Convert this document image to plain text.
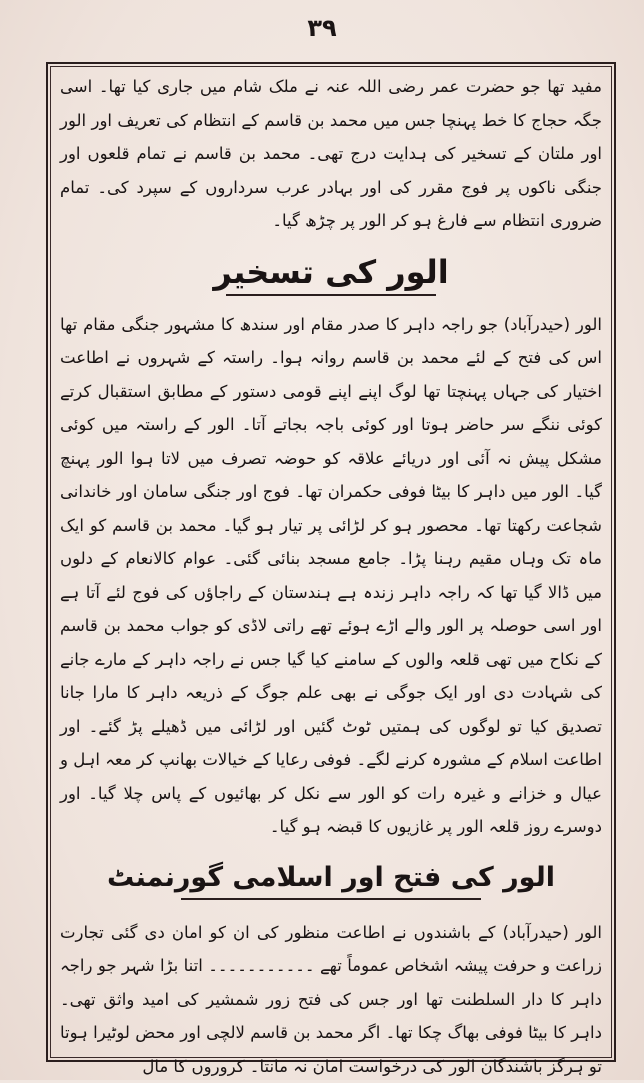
۳۹

مفید تھا جو حضرت عمر رضی اللہ عنہ نے ملک شام میں جاری کیا تھا۔ اسی جگہ حجاج کا خط پہنچا جس میں محمد بن قاسم کے انتظام کی تعریف اور الور اور ملتان کے تسخیر کی ہدایت درج تھی۔ محمد بن قاسم نے تمام قلعوں اور جنگی ناکوں پر فوج مقرر کی اور بہادر عرب سرداروں کے سپرد کی۔ تمام ضروری انتظام سے فارغ ہو کر الور پر چڑھ گیا۔

الور کی تسخیر

الور (حیدرآباد) جو راجہ داہر کا صدر مقام اور سندھ کا مشہور جنگی مقام تھا اس کی فتح کے لئے محمد بن قاسم روانہ ہوا۔ راستہ کے شہروں نے اطاعت اختیار کی جہاں پہنچتا تھا لوگ اپنے اپنے قومی دستور کے مطابق استقبال کرتے کوئی ننگے سر حاضر ہوتا اور کوئی باجہ بجاتے آتا۔ الور کے راستہ میں کوئی مشکل پیش نہ آئی اور دریائے علاقہ کو حوضہ تصرف میں لاتا ہوا الور پہنچ گیا۔ الور میں داہر کا بیٹا فوفی حکمران تھا۔ فوج اور جنگی سامان اور خاندانی شجاعت رکھتا تھا۔ محصور ہو کر لڑائی پر تیار ہو گیا۔ محمد بن قاسم کو ایک ماہ تک وہاں مقیم رہنا پڑا۔ جامع مسجد بنائی گئی۔ عوام کالانعام کے دلوں میں ڈالا گیا تھا کہ راجہ داہر زندہ ہے ہندستان کے راجاؤں کی فوج لئے آتا ہے اور اسی حوصلہ پر الور والے اڑے ہوئے تھے راتی لاڈی کو جواب محمد بن قاسم کے نکاح میں تھی قلعہ والوں کے سامنے کیا گیا جس نے راجہ داہر کے مارے جانے کی شہادت دی اور ایک جوگی نے بھی علم جوگ کے ذریعہ داہر کا مارا جانا تصدیق کیا تو لوگوں کی ہمتیں ٹوٹ گئیں اور لڑائی میں ڈھیلے پڑ گئے۔ اور اطاعت اسلام کے مشورہ کرنے لگے۔ فوفی رعایا کے خیالات بھانپ کر معہ اہل و عیال و خزانے و غیرہ رات کو الور سے نکل کر بھائیوں کے پاس چلا گیا۔ اور دوسرے روز قلعہ الور پر غازیوں کا قبضہ ہو گیا۔

الور کی فتح اور اسلامی گورنمنٹ

الور (حیدرآباد) کے باشندوں نے اطاعت منظور کی ان کو امان دی گئی تجارت زراعت و حرفت پیشہ اشخاص عموماً تھے ۔۔۔۔۔۔۔۔۔۔۔ اتنا بڑا شہر جو راجہ داہر کا دار السلطنت تھا اور جس کی فتح زور شمشیر کی امید واثق تھی۔ داہر کا بیٹا فوفی بھاگ چکا تھا۔ اگر محمد بن قاسم لالچی اور محض لوٹیرا ہوتا تو ہرگز باشندگان الور کی درخواست امان نہ مانتا۔ کروروں کا مال
